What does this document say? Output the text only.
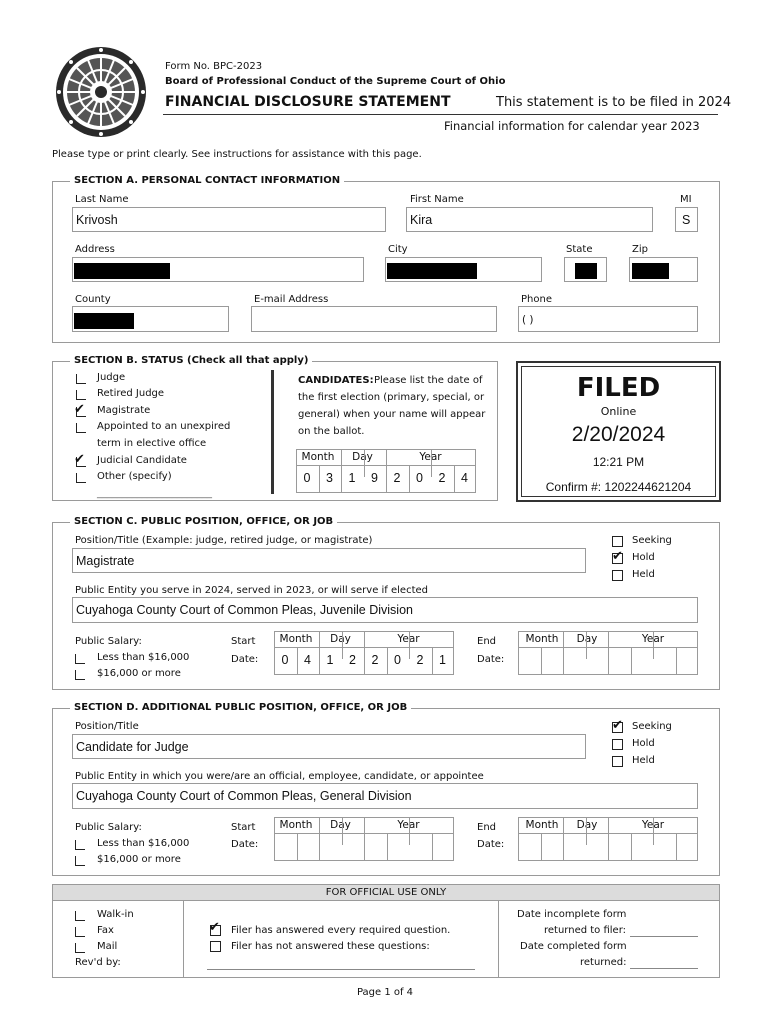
Form No. BPC-2023
Board of Professional Conduct of the Supreme Court of Ohio
FINANCIAL DISCLOSURE STATEMENT	This statement is to be filed in 2024
Financial information for calendar year 2023
Please type or print clearly. See instructions for assistance with this page.
SECTION A. PERSONAL CONTACT INFORMATION
Last Name
Krivosh
First Name
Kira
MI
S
Address	City	State	Zip
County	E-mail Address	Phone
( )
SECTION B. STATUS (Check all that apply)
Judge
Retired Judge
✔ Magistrate
Appointed to an unexpired
term in elective office
✔ Judicial Candidate
Other (specify)
_______________________
CANDIDATES: Please list the date of
the first election (primary, special, or
general) when your name will appear
on the ballot.
Month	Day	Year
0	3	1	9	2	0	2	4
FILED
Online
2/20/2024
12:21 PM
Confirm #: 1202244621204
SECTION C. PUBLIC POSITION, OFFICE, OR JOB
Position/Title (Example: judge, retired judge, or magistrate)
Magistrate
Seeking
✔ Hold
Held
Public Entity you serve in 2024, served in 2023, or will serve if elected
Cuyahoga County Court of Common Pleas, Juvenile Division
Public Salary:
Less than $16,000
$16,000 or more
Start
Date:
Month	Day	Year
0	4	1	2	2	0	2	1
End
Date:
Month	Day	Year
SECTION D. ADDITIONAL PUBLIC POSITION, OFFICE, OR JOB
Position/Title
Candidate for Judge
✔ Seeking
Hold
Held
Public Entity in which you were/are an official, employee, candidate, or appointee
Cuyahoga County Court of Common Pleas, General Division
Public Salary:
Less than $16,000
$16,000 or more
Start
Date:
Month	Day	Year	End
Date:
Month	Day	Year
FOR OFFICIAL USE ONLY
Walk-in
Fax
Mail
Rev'd by:
✔ Filer has answered every required question.
Filer has not answered these questions:
Date incomplete form
returned to filer:
Date completed form
returned:
Page 1 of 4
